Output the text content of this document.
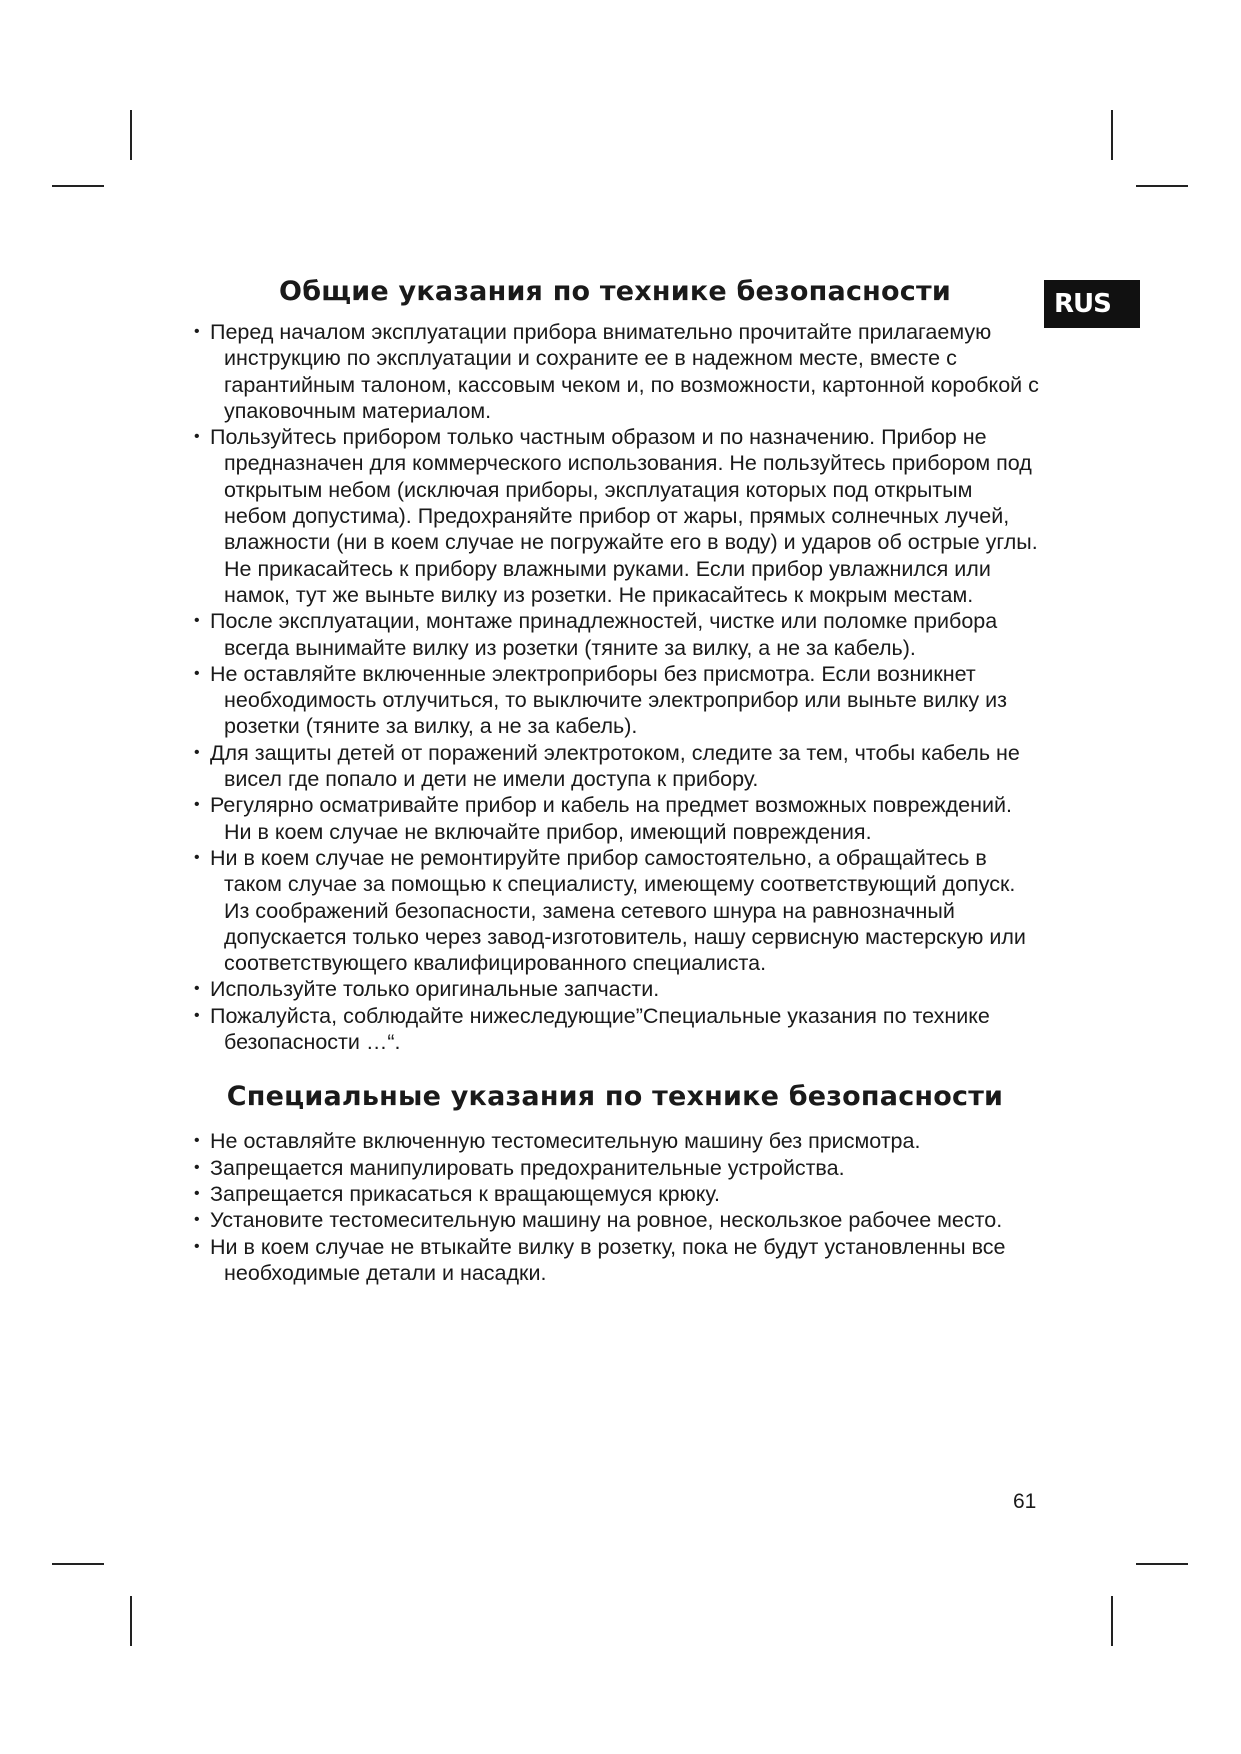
RUS
Общие указания по технике безопасности
• Перед началом эксплуатации прибора внимательно прочитайте прилагаемую инструкцию по эксплуатации и сохраните ее в надежном месте, вместе с гарантийным талоном, кассовым чеком и, по возможности, картонной коробкой с упаковочным материалом.
• Пользуйтесь прибором только частным образом и по назначению. Прибор не предназначен для коммерческого использования. Не пользуйтесь прибором под открытым небом (исключая приборы, эксплуатация которых под открытым небом допустима). Предохраняйте прибор от жары, прямых солнечных лучей, влажности (ни в коем случае не погружайте его в воду) и ударов об острые углы. Не прикасайтесь к прибору влажными руками. Если прибор увлажнился или намок, тут же выньте вилку из розетки. Не прикасайтесь к мокрым местам.
• После эксплуатации, монтаже принадлежностей, чистке или поломке прибора всегда вынимайте вилку из розетки (тяните за вилку, а не за кабель).
• Не оставляйте включенные электроприборы без присмотра. Если возникнет необходимость отлучиться, то выключите электроприбор или выньте вилку из розетки (тяните за вилку, а не за кабель).
• Для защиты детей от поражений электротоком, следите за тем, чтобы кабель не висел где попало и дети не имели доступа к прибору.
• Регулярно осматривайте прибор и кабель на предмет возможных повреждений. Ни в коем случае не включайте прибор, имеющий повреждения.
• Ни в коем случае не ремонтируйте прибор самостоятельно, а обращайтесь в таком случае за помощью к специалисту, имеющему соответствующий допуск. Из соображений безопасности, замена сетевого шнура на равнозначный допускается только через завод-изготовитель, нашу сервисную мастерскую или соответствующего квалифицированного специалиста.
• Используйте только оригинальные запчасти.
• Пожалуйста, соблюдайте нижеследующие”Специальные указания по технике безопасности …“.
Специальные указания по технике безопасности
• Не оставляйте включенную тестомесительную машину без присмотра.
• Запрещается манипулировать предохранительные устройства.
• Запрещается прикасаться к вращающемуся крюку.
• Установите тестомесительную машину на ровное, нескользкое рабочее место.
• Ни в коем случае не втыкайте вилку в розетку, пока не будут установленны все необходимые детали и насадки.
61
